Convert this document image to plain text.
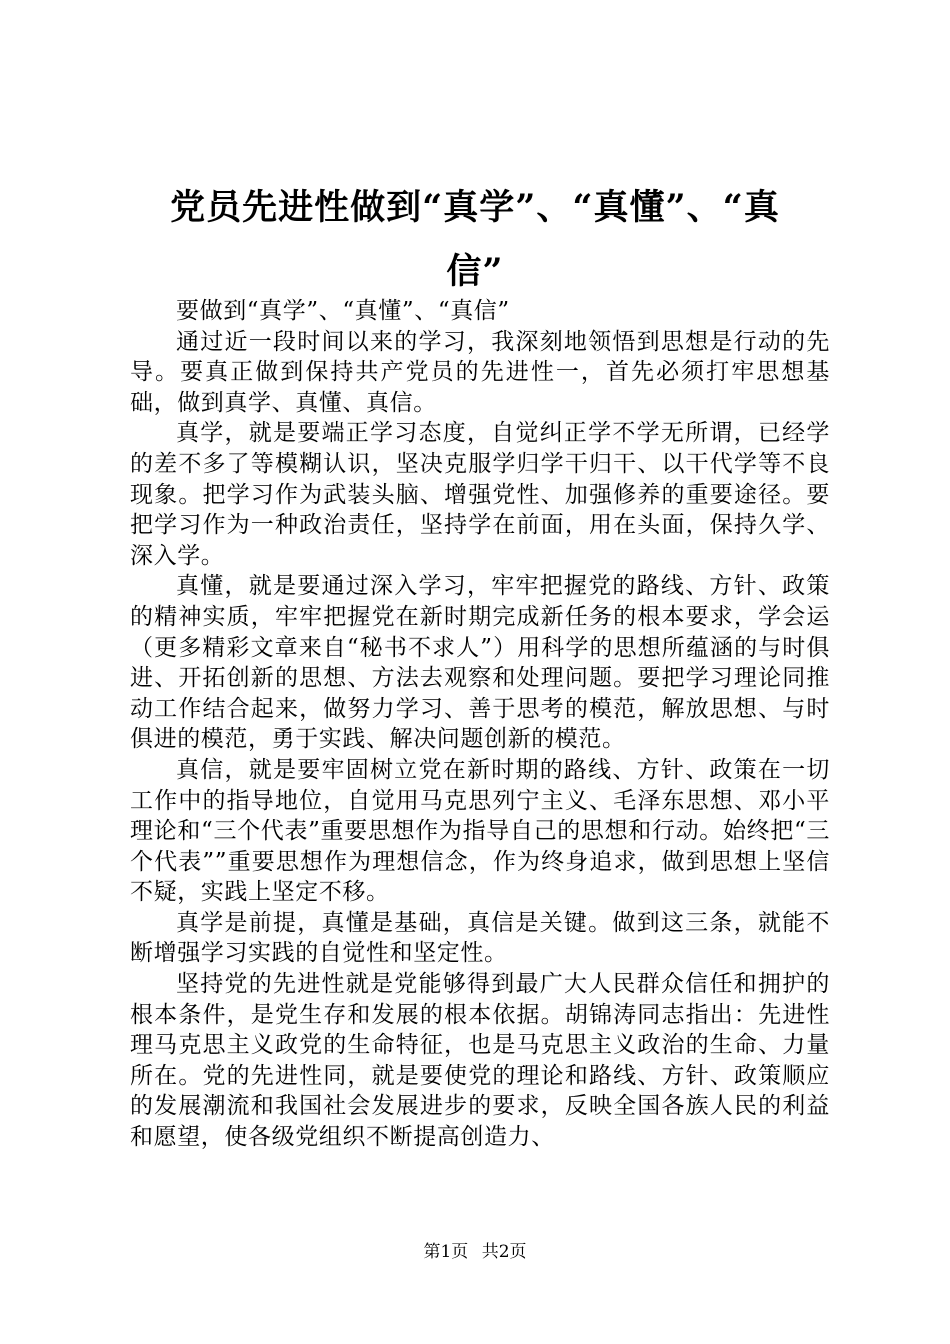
党员先进性做到“真学”、“真懂”、“真
信”

要做到“真学”、“真懂”、“真信”

通过近一段时间以来的学习，我深刻地领悟到思想是行动的先导。要真正做到保持共产党员的先进性一，首先必须打牢思想基础，做到真学、真懂、真信。

真学，就是要端正学习态度，自觉纠正学不学无所谓，已经学的差不多了等模糊认识，坚决克服学归学干归干、以干代学等不良现象。把学习作为武装头脑、增强党性、加强修养的重要途径。要把学习作为一种政治责任，坚持学在前面，用在头面，保持久学、深入学。

真懂，就是要通过深入学习，牢牢把握党的路线、方针、政策的精神实质，牢牢把握党在新时期完成新任务的根本要求，学会运（更多精彩文章来自“秘书不求人”）用科学的思想所蕴涵的与时俱进、开拓创新的思想、方法去观察和处理问题。要把学习理论同推动工作结合起来，做努力学习、善于思考的模范，解放思想、与时俱进的模范，勇于实践、解决问题创新的模范。

真信，就是要牢固树立党在新时期的路线、方针、政策在一切工作中的指导地位，自觉用马克思列宁主义、毛泽东思想、邓小平理论和“三个代表”重要思想作为指导自己的思想和行动。始终把“三个代表””重要思想作为理想信念，作为终身追求，做到思想上坚信不疑，实践上坚定不移。

真学是前提，真懂是基础，真信是关键。做到这三条，就能不断增强学习实践的自觉性和坚定性。

坚持党的先进性就是党能够得到最广大人民群众信任和拥护的根本条件，是党生存和发展的根本依据。胡锦涛同志指出：先进性理马克思主义政党的生命特征，也是马克思主义政治的生命、力量所在。党的先进性同，就是要使党的理论和路线、方针、政策顺应的发展潮流和我国社会发展进步的要求，反映全国各族人民的利益和愿望，使各级党组织不断提高创造力、

第1页 共2页
